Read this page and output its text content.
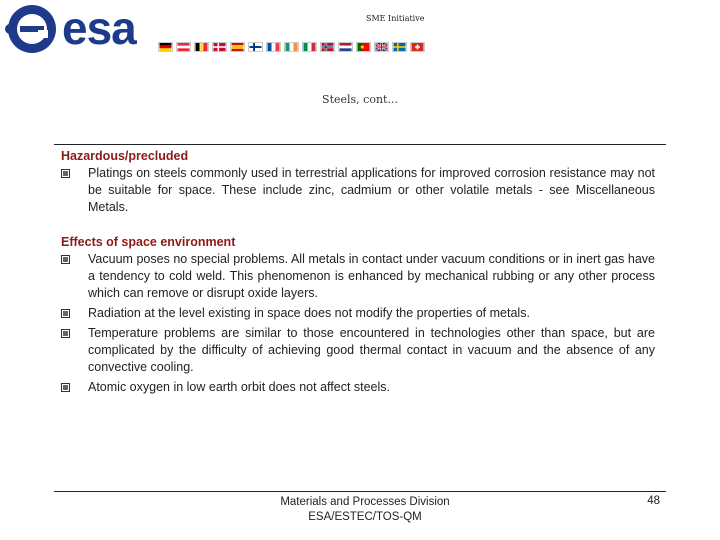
esa	SME Initiative
Steels, cont...

Hazardous/precluded

Platings on steels commonly used in terrestrial applications for improved corrosion resistance may not be suitable for space. These include zinc, cadmium or other volatile metals - see Miscellaneous Metals.

Effects of space environment

Vacuum poses no special problems. All metals in contact under vacuum conditions or in inert gas have a tendency to cold weld. This phenomenon is enhanced by mechanical rubbing or any other process which can remove or disrupt oxide layers.
Radiation at the level existing in space does not modify the properties of metals.
Temperature problems are similar to those encountered in technologies other than space, but are complicated by the difficulty of achieving good thermal contact in vacuum and the absence of any convective cooling.
Atomic oxygen in low earth orbit does not affect steels.
Materials and Processes Division
ESA/ESTEC/TOS-QM
48
